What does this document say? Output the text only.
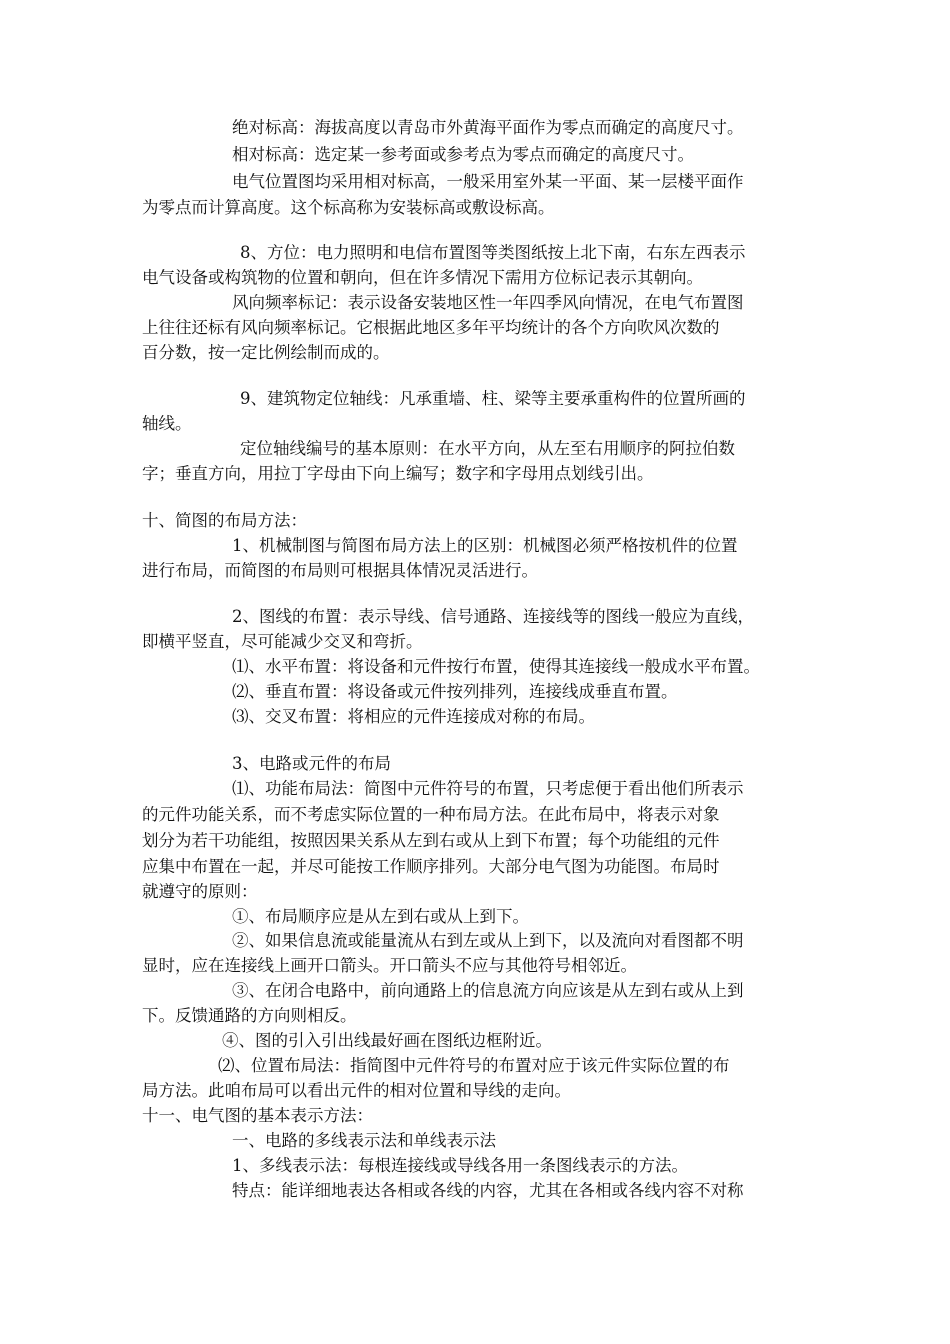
绝对标高：海拔高度以青岛市外黄海平面作为零点而确定的高度尺寸。
相对标高：选定某一参考面或参考点为零点而确定的高度尺寸。
电气位置图均采用相对标高，一般采用室外某一平面、某一层楼平面作
为零点而计算高度。这个标高称为安装标高或敷设标高。
8、方位：电力照明和电信布置图等类图纸按上北下南，右东左西表示
电气设备或构筑物的位置和朝向，但在许多情况下需用方位标记表示其朝向。
风向频率标记：表示设备安装地区性一年四季风向情况，在电气布置图
上往往还标有风向频率标记。它根据此地区多年平均统计的各个方向吹风次数的
百分数，按一定比例绘制而成的。
9、建筑物定位轴线：凡承重墙、柱、梁等主要承重构件的位置所画的
轴线。
定位轴线编号的基本原则：在水平方向，从左至右用顺序的阿拉伯数
字；垂直方向，用拉丁字母由下向上编写；数字和字母用点划线引出。
十、简图的布局方法：
1、机械制图与简图布局方法上的区别：机械图必须严格按机件的位置
进行布局，而简图的布局则可根据具体情况灵活进行。
2、图线的布置：表示导线、信号通路、连接线等的图线一般应为直线，
即横平竖直，尽可能减少交叉和弯折。
⑴、水平布置：将设备和元件按行布置，使得其连接线一般成水平布置。
⑵、垂直布置：将设备或元件按列排列，连接线成垂直布置。
⑶、交叉布置：将相应的元件连接成对称的布局。
3、电路或元件的布局
⑴、功能布局法：简图中元件符号的布置，只考虑便于看出他们所表示
的元件功能关系，而不考虑实际位置的一种布局方法。在此布局中，将表示对象
划分为若干功能组，按照因果关系从左到右或从上到下布置；每个功能组的元件
应集中布置在一起，并尽可能按工作顺序排列。大部分电气图为功能图。布局时
就遵守的原则：
①、布局顺序应是从左到右或从上到下。
②、如果信息流或能量流从右到左或从上到下，以及流向对看图都不明
显时，应在连接线上画开口箭头。开口箭头不应与其他符号相邻近。
③、在闭合电路中，前向通路上的信息流方向应该是从左到右或从上到
下。反馈通路的方向则相反。
④、图的引入引出线最好画在图纸边框附近。
⑵、位置布局法：指简图中元件符号的布置对应于该元件实际位置的布
局方法。此咱布局可以看出元件的相对位置和导线的走向。
十一、电气图的基本表示方法：
一、电路的多线表示法和单线表示法
1、多线表示法：每根连接线或导线各用一条图线表示的方法。
特点：能详细地表达各相或各线的内容，尤其在各相或各线内容不对称
